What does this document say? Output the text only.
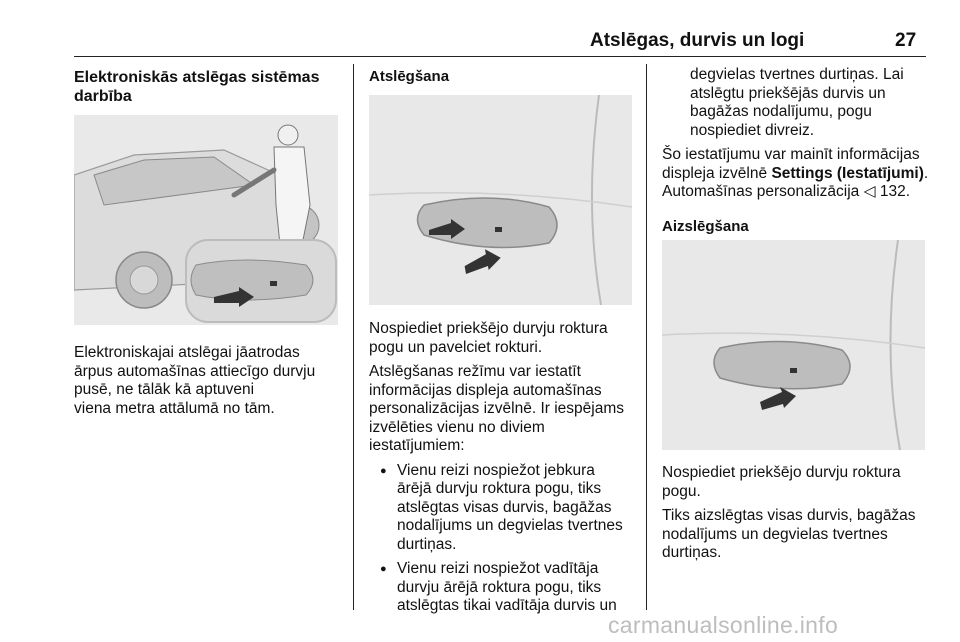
Atslēgas, durvis un logi	27
Elektroniskās atslēgas sistēmas
darbība

Elektroniskajai atslēgai jāatrodas

ārpus automašīnas attiecīgo durvju

pusē, ne tālāk kā aptuveni

viena metra attālumā no tām.

Atslēgšana

Nospiediet priekšējo durvju roktura

pogu un pavelciet rokturi.

Atslēgšanas režīmu var iestatīt

informācijas displeja automašīnas

personalizācijas izvēlnē. Ir iespējams

izvēlēties vienu no diviem

iestatījumiem:

● Vienu reizi nospiežot jebkura
ārējā durvju roktura pogu, tiks
atslēgtas visas durvis, bagāžas
nodalījums un degvielas tvertnes
durtiņas.
● Vienu reizi nospiežot vadītāja
durvju ārējā roktura pogu, tiks
atslēgtas tikai vadītāja durvis un
degvielas tvertnes durtiņas. Lai
atslēgtu priekšējās durvis un
bagāžas nodalījumu, pogu
nospiediet divreiz.

Šo iestatījumu var mainīt informācijas

displeja izvēlnē Settings (Iestatījumi).

Automašīnas personalizācija ◁ 132.

Aizslēgšana

Nospiediet priekšējo durvju roktura

pogu.

Tiks aizslēgtas visas durvis, bagāžas

nodalījums un degvielas tvertnes

durtiņas.

carmanualsonline.info
